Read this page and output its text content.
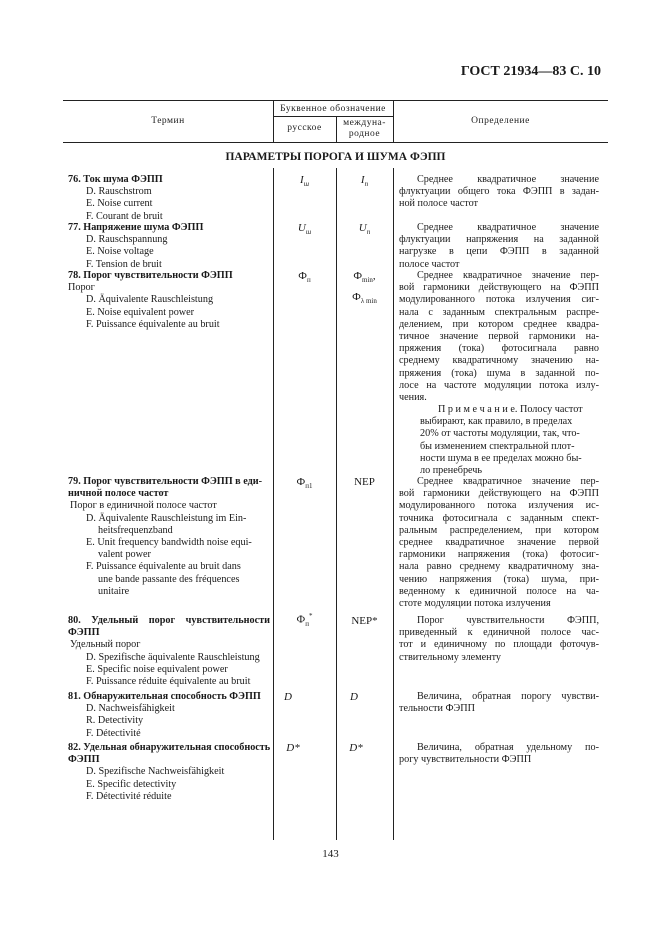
ГОСТ 21934—83 С. 10
Термин
Буквенное обозначение
русское	междуна-
родное
Определение
ПАРАМЕТРЫ ПОРОГА И ШУМА ФЭПП
76. Ток шума ФЭПП
D. Rauschstrom
E. Noise current
F. Courant de bruit
$I_ш$	$I_n$	Среднее квадратичное значение
флуктуации общего тока ФЭПП в задан-
ной полосе частот
77. Напряжение шума ФЭПП
D. Rauschspannung
E. Noise voltage
F. Tension de bruit
$U_ш$	$U_n$	Среднее квадратичное значение
флуктуации напряжения на заданной
нагрузке в цепи ФЭПП в заданной
полосе частот
78. Порог чувствительности ФЭПП
Порог
D. Äquivalente Rauschleistung
E. Noise equivalent power
F. Puissance équivalente au bruit
$Ф_п$	$Ф_{min}$,
$Ф_{\lambda min}$
Среднее квадратичное значение пер-
вой гармоники действующего на ФЭПП
модулированного потока излучения сиг-
нала с заданным спектральным распре-
делением, при котором среднее квадра-
тичное значение первой гармоники на-
пряжения (тока) фотосигнала равно
среднему квадратичному значению на-
пряжения (тока) шума в заданной по-
лосе на частоте модуляции потока излу-
чения.
П р и м е ч а н и е. Полосу частот
выбирают, как правило, в пределах
20% от частоты модуляции, так, что-
бы изменением спектральной плот-
ности шума в ее пределах можно бы-
ло пренебречь
79. Порог чувствительности ФЭПП в еди-
ничной полосе частот
Порог в единичной полосе частот
D. Äquivalente Rauschleistung im Ein-
heitsfrequenzband
E. Unit frequency bandwidth noise equi-
valent power
F. Puissance équivalente au bruit dans
une bande passante des fréquences
unitaire
$Ф_{п1}$	NEP	Среднее квадратичное значение пер-
вой гармоники действующего на ФЭПП
модулированного потока излучения ис-
точника фотосигнала с заданным спект-
ральным распределением, при котором
среднее квадратичное значение первой
гармоники напряжения (тока) фотосиг-
нала равно среднему квадратичному зна-
чению напряжения (тока) шума, при-
веденному к единичной полосе на ча-
стоте модуляции потока излучения
80. Удельный порог чувствительности
ФЭПП
Удельный порог
D. Spezifische äquivalente Rauschleistung
E. Specific noise equivalent power
F. Puissance réduite équivalente au bruit
$Ф_п^*$	NEP*	Порог чувствительности ФЭПП,
приведенный к единичной полосе час-
тот и единичному по площади фоточув-
ствительному элементу
81. Обнаружительная способность ФЭПП
D. Nachweisfähigkeit
R. Detectivity
F. Détectivité
D	D	Величина, обратная порогу чувстви-
тельности ФЭПП
82. Удельная обнаружительная способность
ФЭПП
D. Spezifische Nachweisfähigkeit
E. Specific detectivity
F. Détectivité réduite
D*	D*	Величина, обратная удельному по-
рогу чувствительности ФЭПП
143
